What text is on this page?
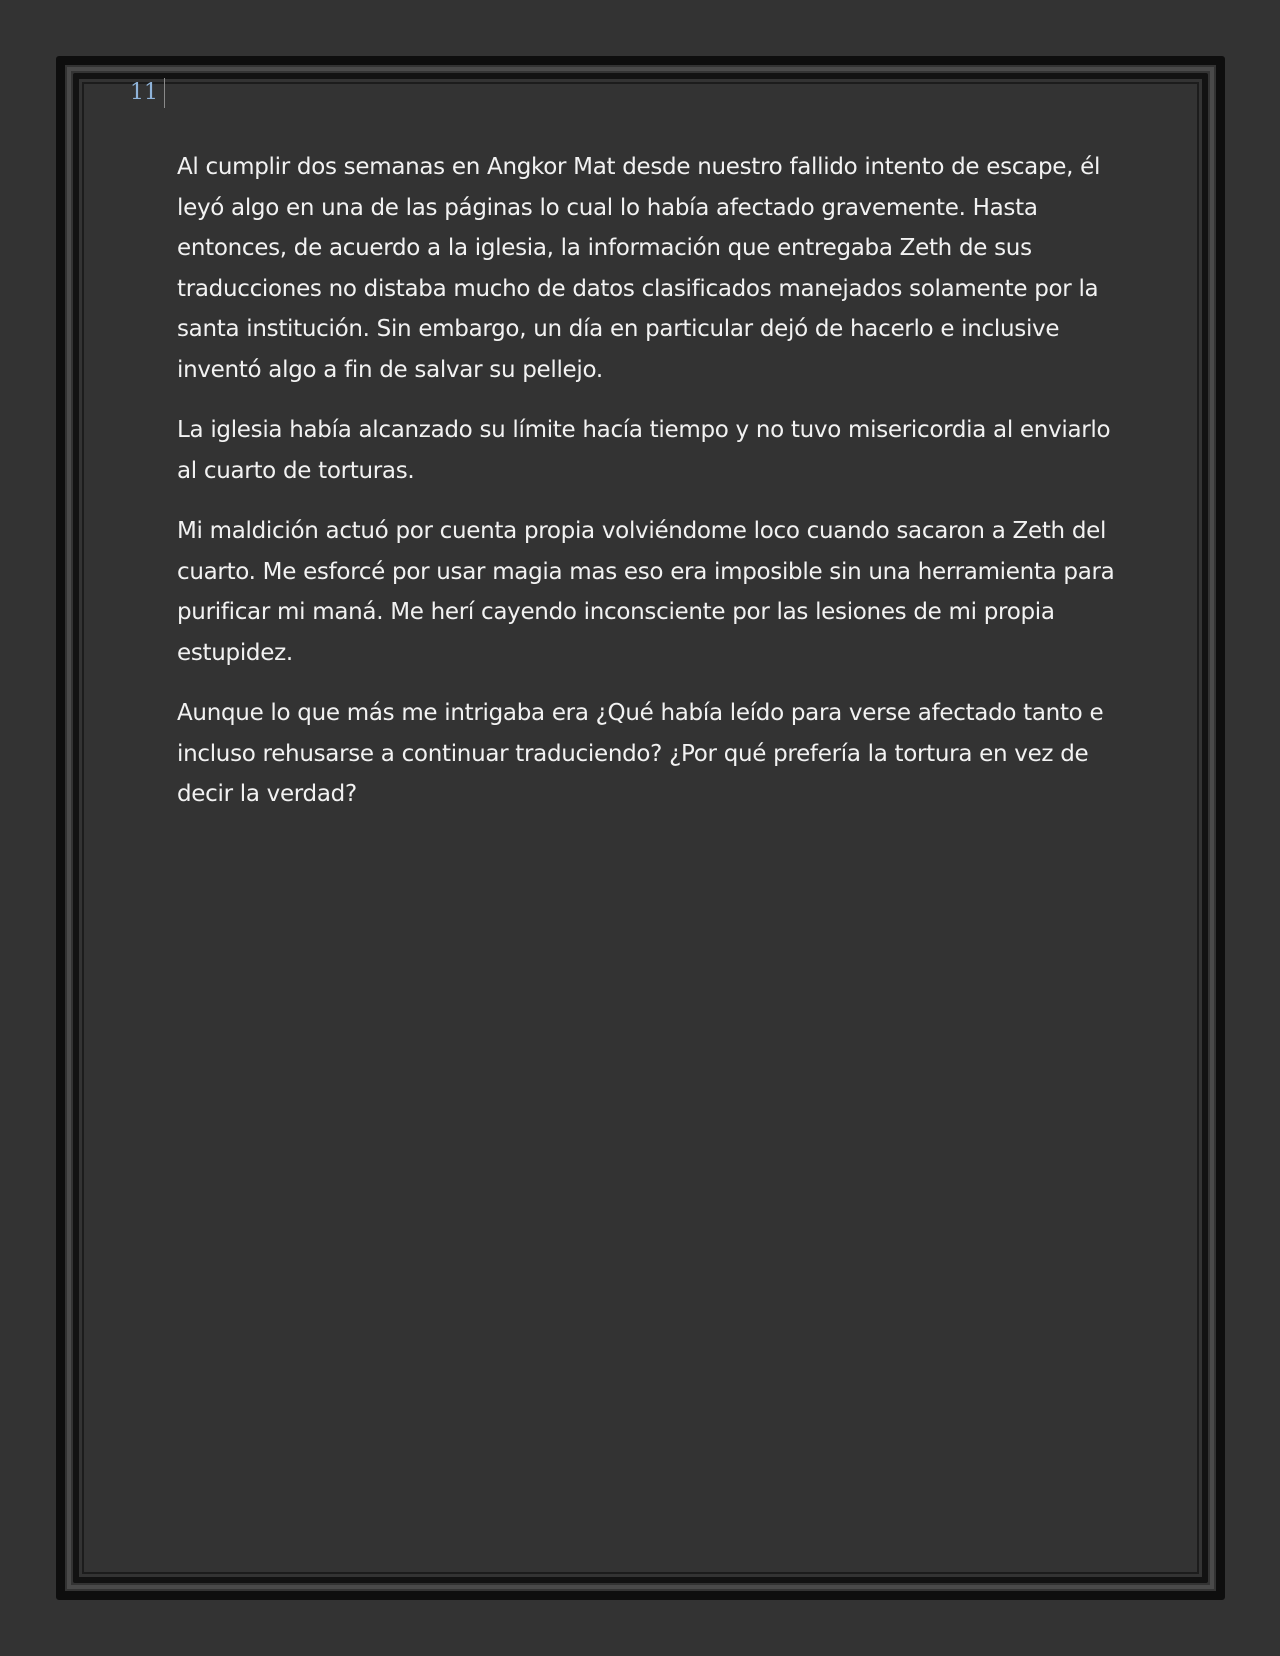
11

Al cumplir dos semanas en Angkor Mat desde nuestro fallido intento de escape, él leyó algo en una de las páginas lo cual lo había afectado gravemente. Hasta entonces, de acuerdo a la iglesia, la información que entregaba Zeth de sus traducciones no distaba mucho de datos clasificados manejados solamente por la santa institución. Sin embargo, un día en particular dejó de hacerlo e inclusive inventó algo a fin de salvar su pellejo.

La iglesia había alcanzado su límite hacía tiempo y no tuvo misericordia al enviarlo al cuarto de torturas.

Mi maldición actuó por cuenta propia volviéndome loco cuando sacaron a Zeth del cuarto. Me esforcé por usar magia mas eso era imposible sin una herramienta para purificar mi maná. Me herí cayendo inconsciente por las lesiones de mi propia estupidez.

Aunque lo que más me intrigaba era ¿Qué había leído para verse afectado tanto e incluso rehusarse a continuar traduciendo? ¿Por qué prefería la tortura en vez de decir la verdad?
